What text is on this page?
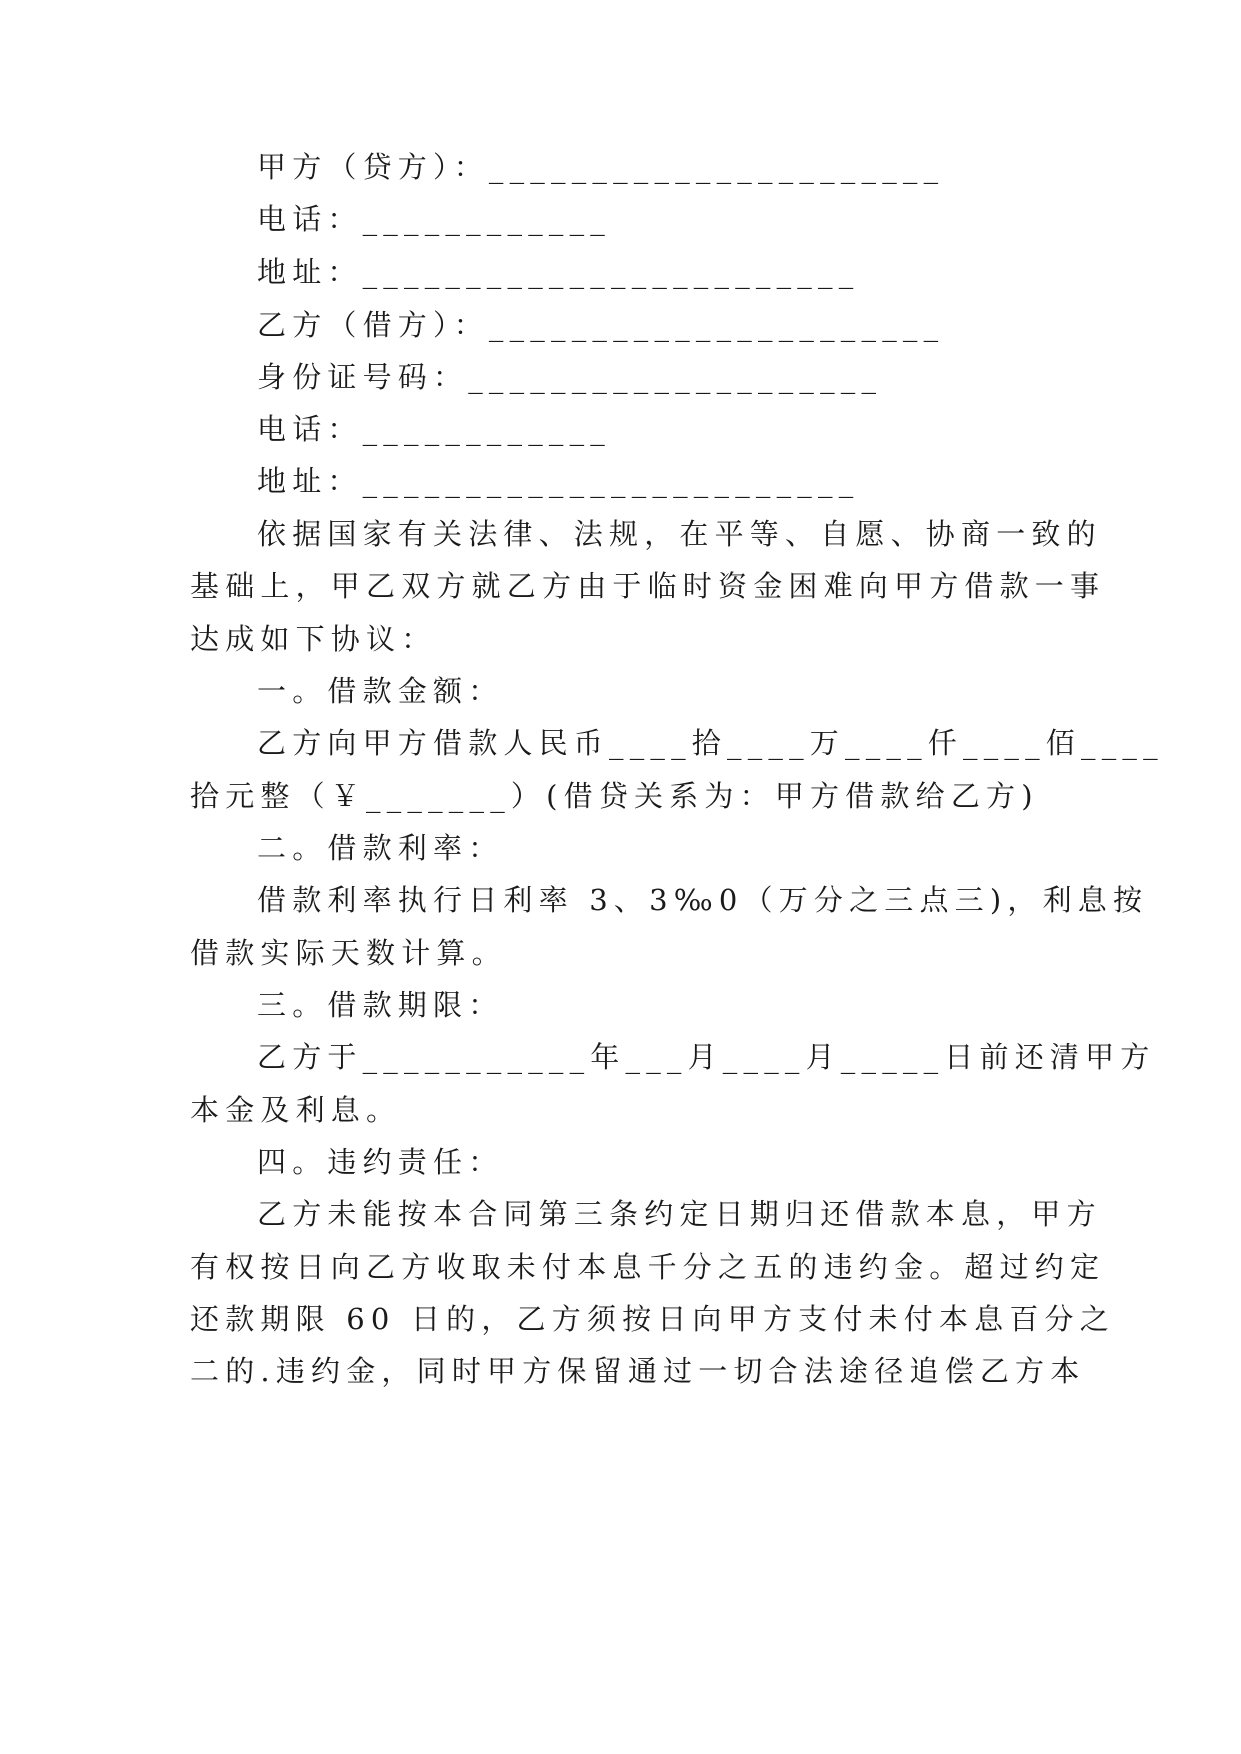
甲方（贷方）：______________________
电话：____________
地址：________________________
乙方（借方）：______________________
身份证号码：____________________
电话：____________
地址：________________________
依据国家有关法律、法规，在平等、自愿、协商一致的
基础上，甲乙双方就乙方由于临时资金困难向甲方借款一事
达成如下协议：
一。借款金额：
乙方向甲方借款人民币____拾____万____仟____佰____
拾元整（￥_______）(借贷关系为：甲方借款给乙方)
二。借款利率：
借款利率执行日利率 3、3‰0（万分之三点三)，利息按
借款实际天数计算。
三。借款期限：
乙方于___________年___月____月_____日前还清甲方
本金及利息。
四。违约责任：
乙方未能按本合同第三条约定日期归还借款本息，甲方
有权按日向乙方收取未付本息千分之五的违约金。超过约定
还款期限 60 日的，乙方须按日向甲方支付未付本息百分之
二的.违约金，同时甲方保留通过一切合法途径追偿乙方本
